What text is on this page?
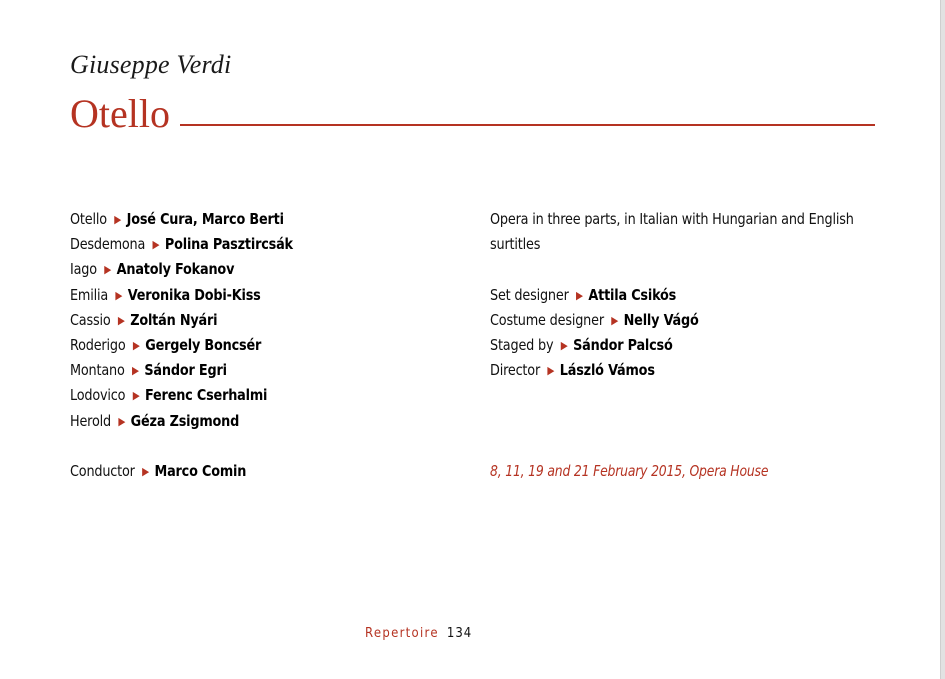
Giuseppe Verdi
Otello
Otello ▶ José Cura, Marco Berti
Desdemona ▶ Polina Pasztircsák
Iago ▶ Anatoly Fokanov
Emilia ▶ Veronika Dobi-Kiss
Cassio ▶ Zoltán Nyári
Roderigo ▶ Gergely Boncsér
Montano ▶ Sándor Egri
Lodovico ▶ Ferenc Cserhalmi
Herold ▶ Géza Zsigmond
Conductor ▶ Marco Comin
Opera in three parts, in Italian with Hungarian and English surtitles
Set designer ▶ Attila Csikós
Costume designer ▶ Nelly Vágó
Staged by ▶ Sándor Palcsó
Director ▶ László Vámos
8, 11, 19 and 21 February 2015, Opera House
Repertoire 134
